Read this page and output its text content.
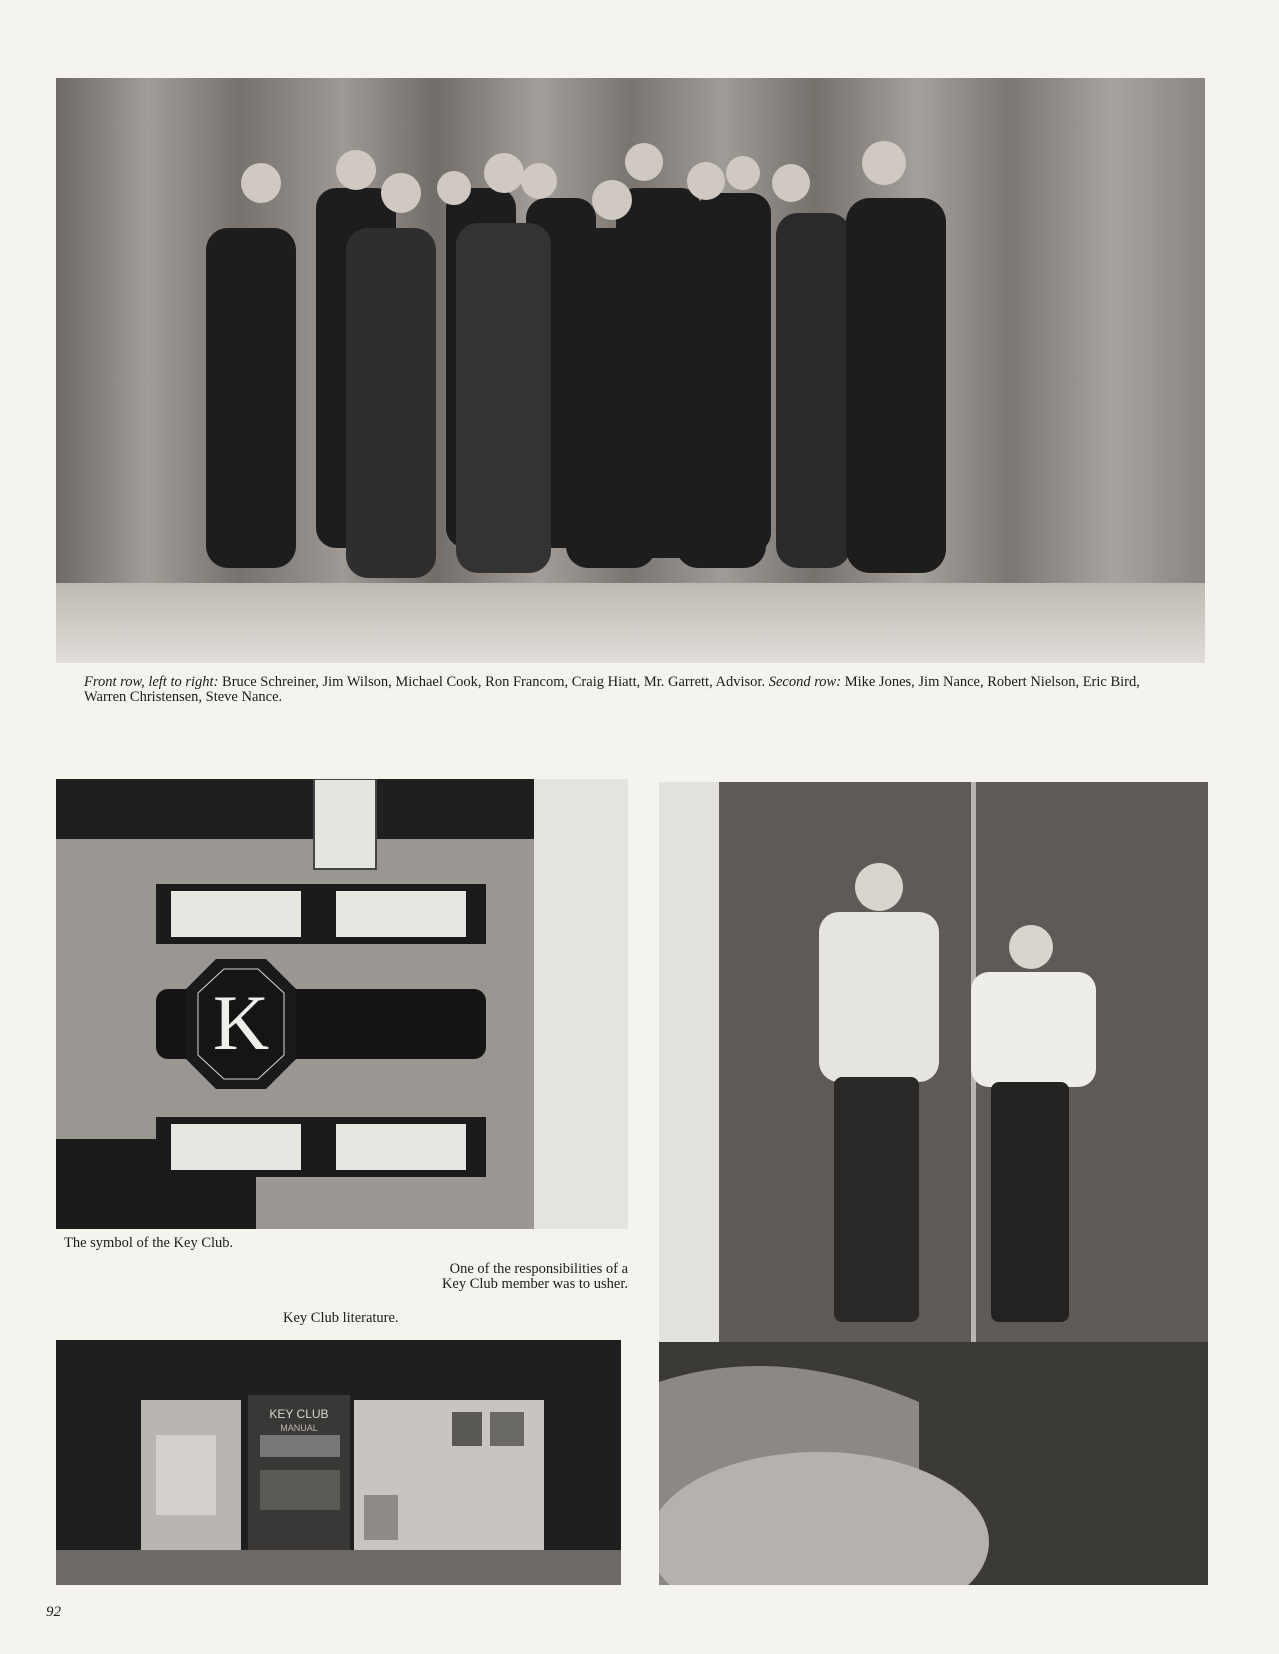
Front row, left to right: Bruce Schreiner, Jim Wilson, Michael Cook, Ron Francom, Craig Hiatt, Mr. Garrett, Advisor. Second row: Mike Jones, Jim Nance, Robert Nielson, Eric Bird, Warren Christensen, Steve Nance.
K
The symbol of the Key Club.
One of the responsibilities of a
Key Club member was to usher.
Key Club literature.
KEY CLUB
MANUAL
92
